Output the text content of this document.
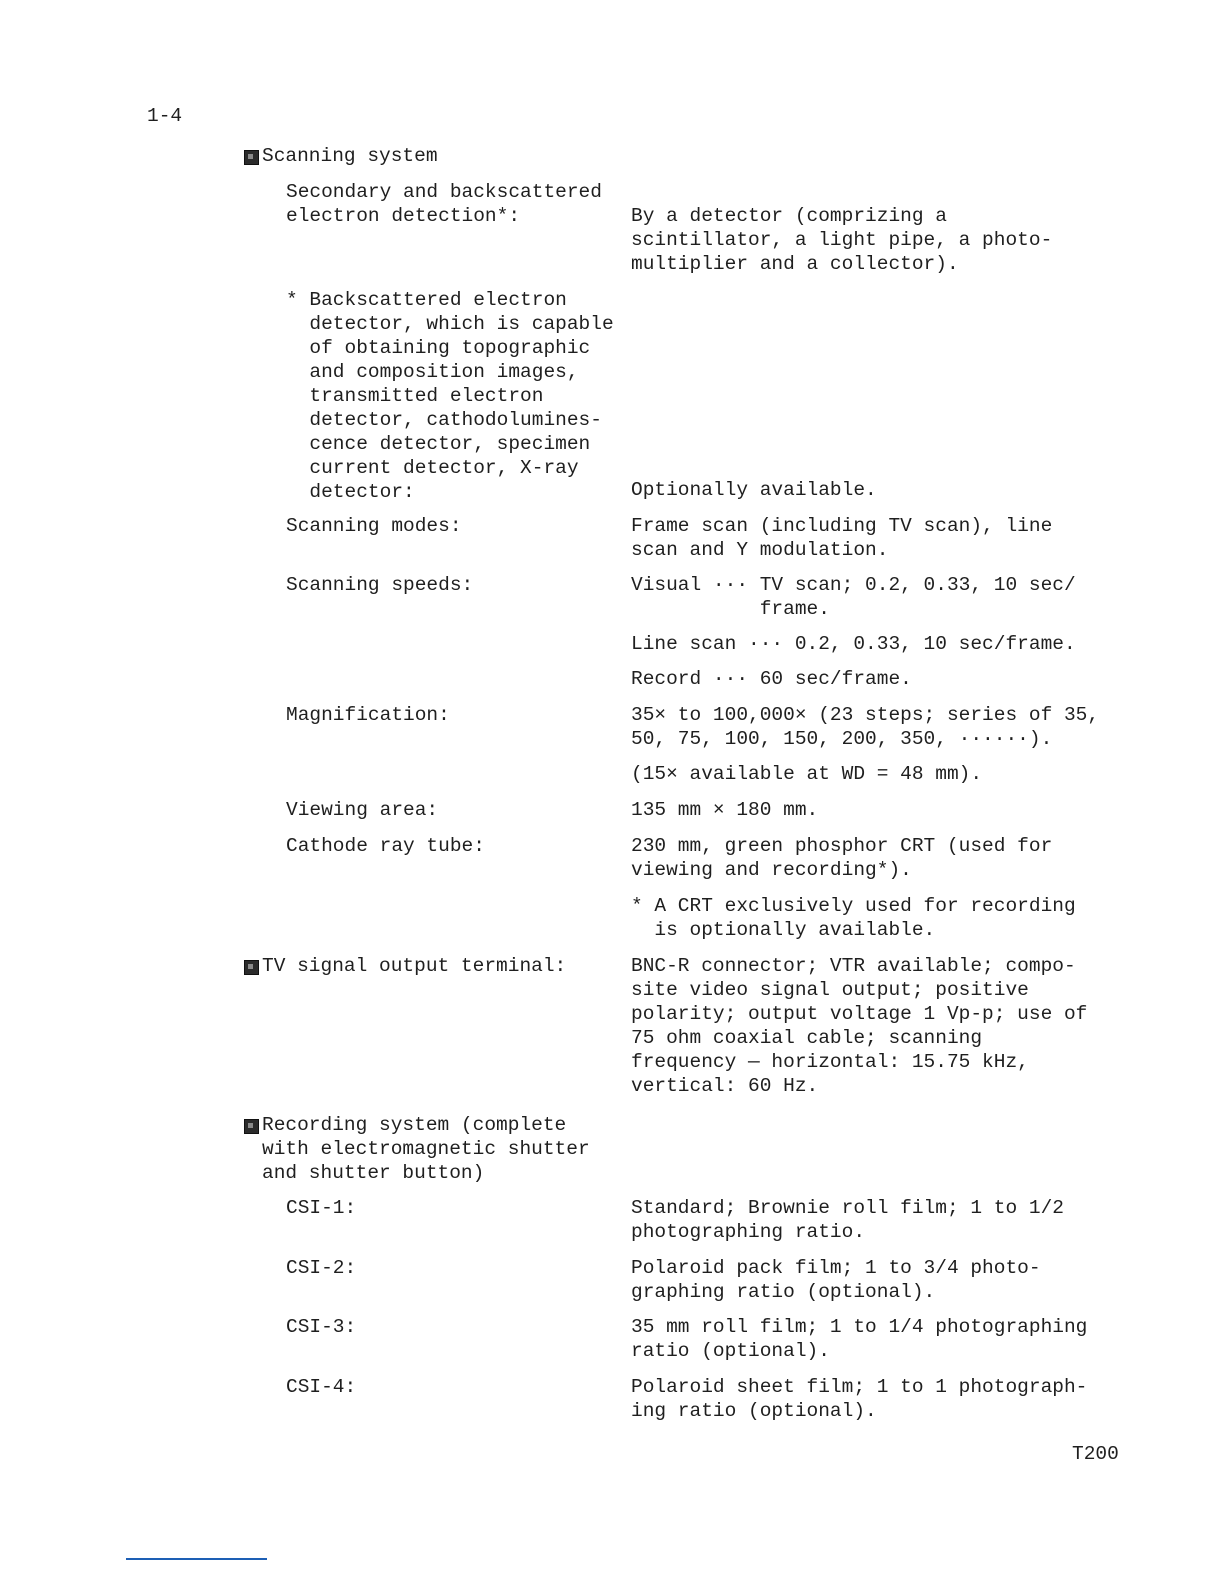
1-4
Scanning system
Secondary and backscattered
electron detection*:	By a detector (comprizing a
scintillator, a light pipe, a photo-
multiplier and a collector).
* Backscattered electron
detector, which is capable
of obtaining topographic
and composition images,
transmitted electron
detector, cathodolumines-
cence detector, specimen
current detector, X-ray
detector:	Optionally available.
Scanning modes:	Frame scan (including TV scan), line
scan and Y modulation.
Scanning speeds:	Visual ··· TV scan; 0.2, 0.33, 10 sec/
frame.
Line scan ··· 0.2, 0.33, 10 sec/frame.
Record ··· 60 sec/frame.
Magnification:	35× to 100,000× (23 steps; series of 35,
50, 75, 100, 150, 200, 350, ······).
(15× available at WD = 48 mm).
Viewing area:	135 mm × 180 mm.
Cathode ray tube:	230 mm, green phosphor CRT (used for
viewing and recording*).
* A CRT exclusively used for recording
is optionally available.
TV signal output terminal:	BNC-R connector; VTR available; compo-
site video signal output; positive
polarity; output voltage 1 Vp-p; use of
75 ohm coaxial cable; scanning
frequency — horizontal: 15.75 kHz,
vertical: 60 Hz.
Recording system (complete
with electromagnetic shutter
and shutter button)
CSI-1:	Standard; Brownie roll film; 1 to 1/2
photographing ratio.
CSI-2:	Polaroid pack film; 1 to 3/4 photo-
graphing ratio (optional).
CSI-3:	35 mm roll film; 1 to 1/4 photographing
ratio (optional).
CSI-4:	Polaroid sheet film; 1 to 1 photograph-
ing ratio (optional).
T200
